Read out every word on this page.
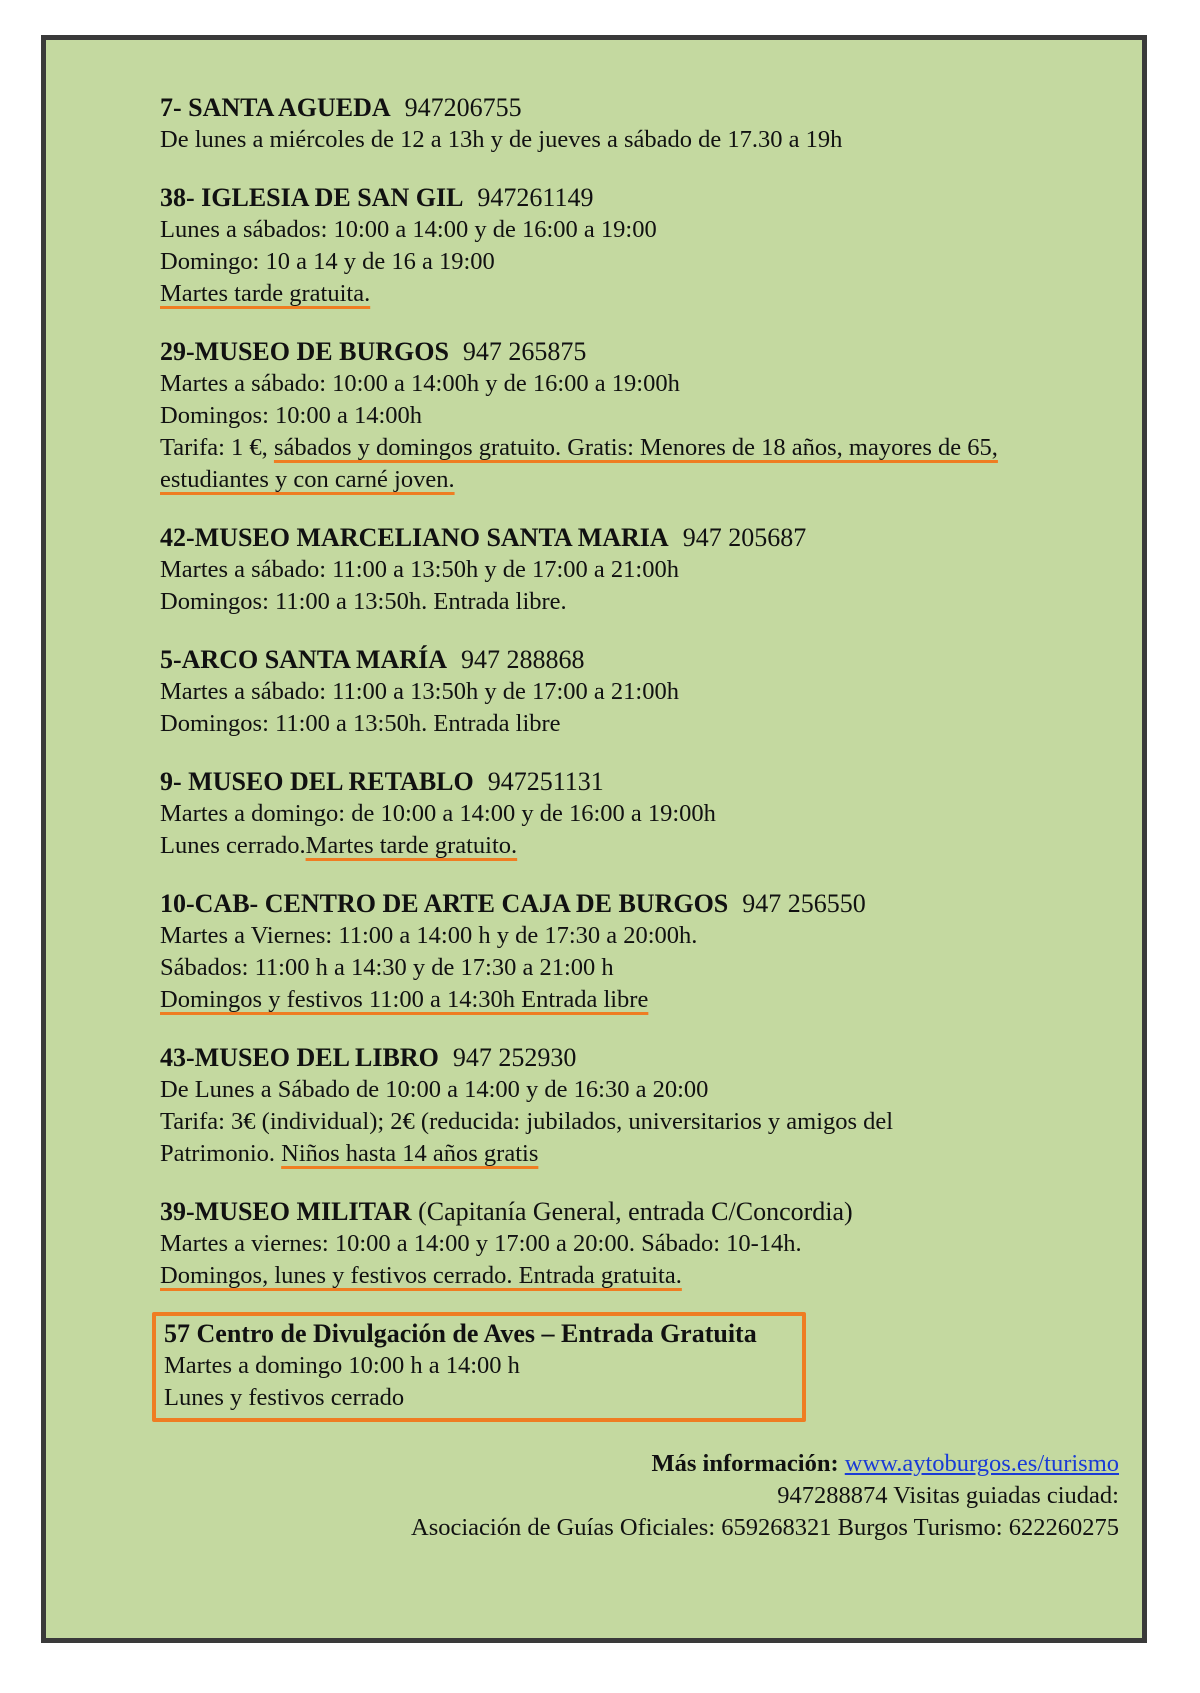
7- SANTA AGUEDA 947206755
De lunes a miércoles de 12 a 13h y de jueves a sábado de 17.30 a 19h
38- IGLESIA DE SAN GIL 947261149
Lunes a sábados: 10:00 a 14:00 y de 16:00 a 19:00
Domingo: 10 a 14 y de 16 a 19:00
Martes tarde gratuita.
29-MUSEO DE BURGOS 947 265875
Martes a sábado: 10:00 a 14:00h y de 16:00 a 19:00h
Domingos: 10:00 a 14:00h
Tarifa: 1 €, sábados y domingos gratuito. Gratis: Menores de 18 años, mayores de 65,
estudiantes y con carné joven.
42-MUSEO MARCELIANO SANTA MARIA 947 205687
Martes a sábado: 11:00 a 13:50h y de 17:00 a 21:00h
Domingos: 11:00 a 13:50h. Entrada libre.
5-ARCO SANTA MARÍA 947 288868
Martes a sábado: 11:00 a 13:50h y de 17:00 a 21:00h
Domingos: 11:00 a 13:50h. Entrada libre
9- MUSEO DEL RETABLO 947251131
Martes a domingo: de 10:00 a 14:00 y de 16:00 a 19:00h
Lunes cerrado.Martes tarde gratuito.
10-CAB- CENTRO DE ARTE CAJA DE BURGOS 947 256550
Martes a Viernes: 11:00 a 14:00 h y de 17:30 a 20:00h.
Sábados: 11:00 h a 14:30 y de 17:30 a 21:00 h
Domingos y festivos 11:00 a 14:30h Entrada libre
43-MUSEO DEL LIBRO 947 252930
De Lunes a Sábado de 10:00 a 14:00 y de 16:30 a 20:00
Tarifa: 3€ (individual); 2€ (reducida: jubilados, universitarios y amigos del
Patrimonio. Niños hasta 14 años gratis
39-MUSEO MILITAR (Capitanía General, entrada C/Concordia)
Martes a viernes: 10:00 a 14:00 y 17:00 a 20:00. Sábado: 10-14h.
Domingos, lunes y festivos cerrado. Entrada gratuita.
57 Centro de Divulgación de Aves – Entrada Gratuita
Martes a domingo 10:00 h a 14:00 h
Lunes y festivos cerrado
Más información: www.aytoburgos.es/turismo
947288874 Visitas guiadas ciudad:
Asociación de Guías Oficiales: 659268321 Burgos Turismo: 622260275
